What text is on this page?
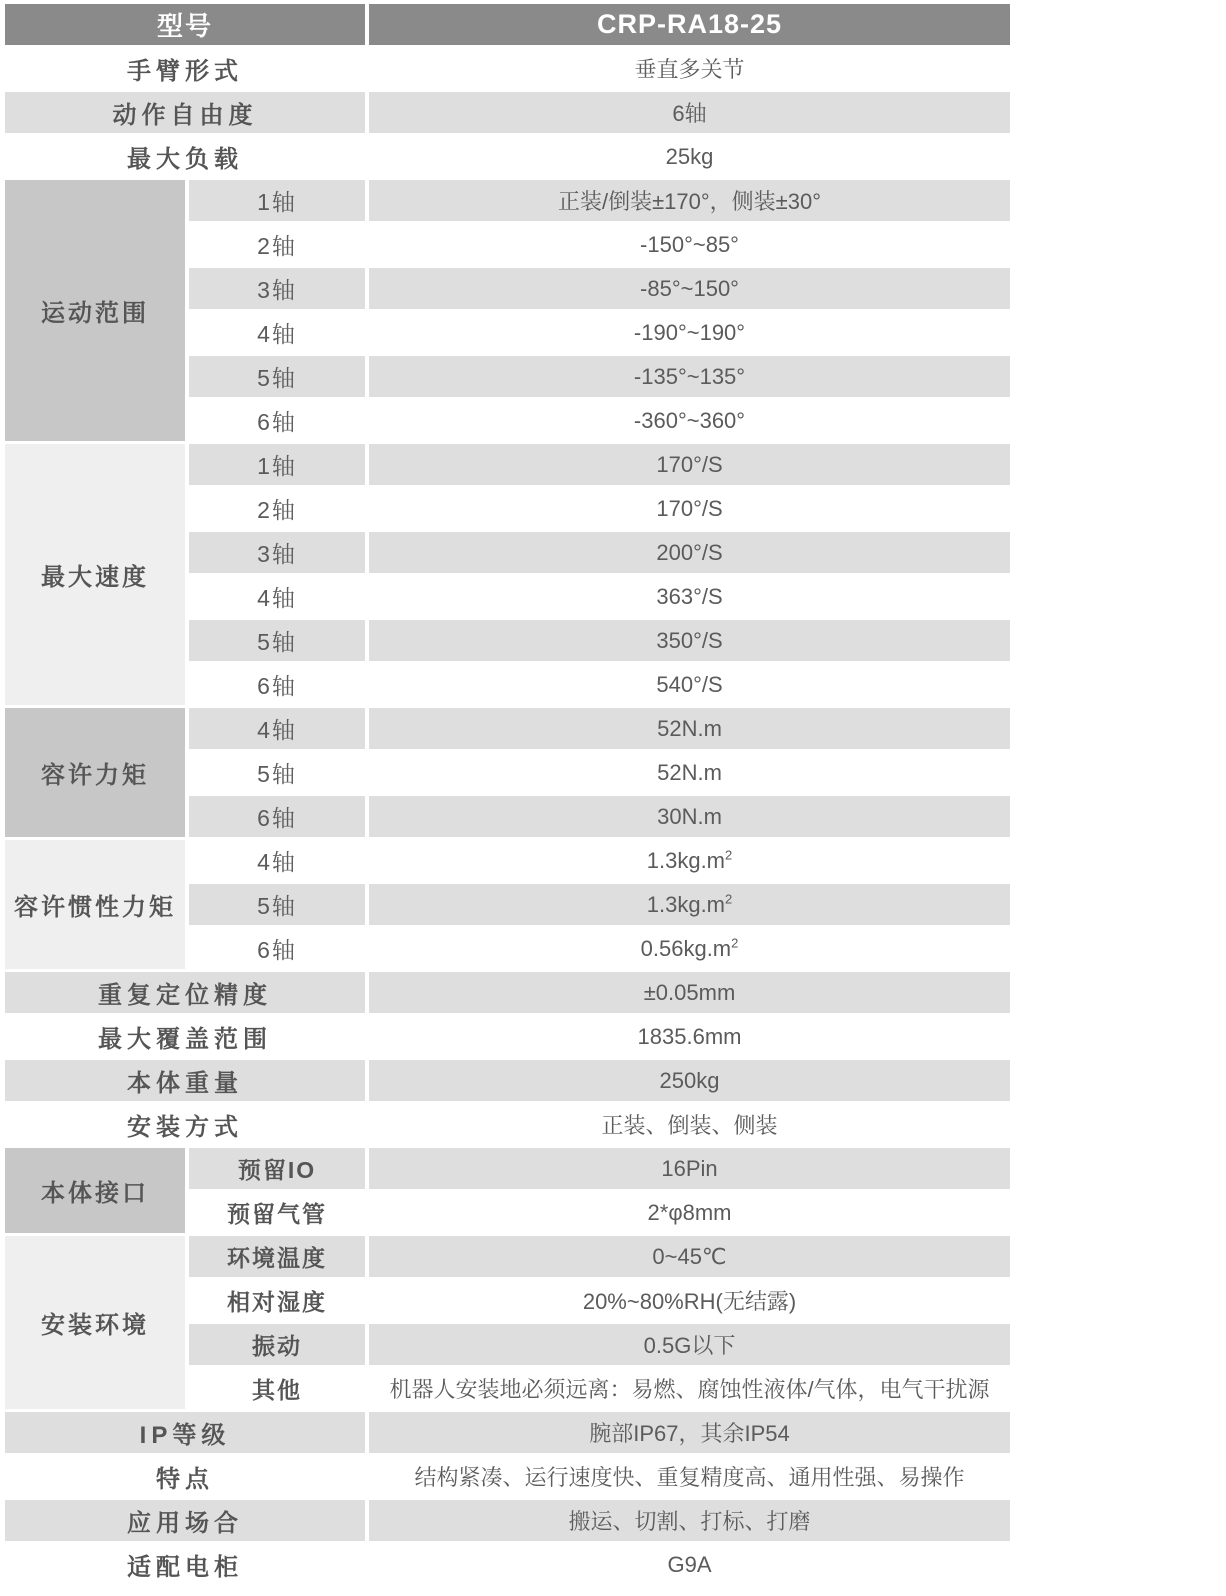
型号		CRP-RA18-25
手臂形式		垂直多关节
动作自由度		6轴
最大负载		25kg
运动范围	1轴	正装/倒装±170°，侧装±30°
	2轴	-150°~85°
	3轴	-85°~150°
	4轴	-190°~190°
	5轴	-135°~135°
	6轴	-360°~360°
最大速度	1轴	170°/S
	2轴	170°/S
	3轴	200°/S
	4轴	363°/S
	5轴	350°/S
	6轴	540°/S
容许力矩	4轴	52N.m
	5轴	52N.m
	6轴	30N.m
容许惯性力矩	4轴	$1.3kg.m^2$
	5轴	$1.3kg.m^2$
	6轴	$0.56kg.m^2$
重复定位精度		±0.05mm
最大覆盖范围		1835.6mm
本体重量		250kg
安装方式		正装、倒装、侧装
本体接口	预留IO	16Pin
	预留气管	2*φ8mm
安装环境	环境温度	0~45℃
	相对湿度	20%~80%RH(无结露)
	振动	0.5G以下
	其他	机器人安装地必须远离：易燃、腐蚀性液体/气体，电气干扰源
IP等级		腕部IP67，其余IP54
特点		结构紧凑、运行速度快、重复精度高、通用性强、易操作
应用场合		搬运、切割、打标、打磨
适配电柜		G9A
